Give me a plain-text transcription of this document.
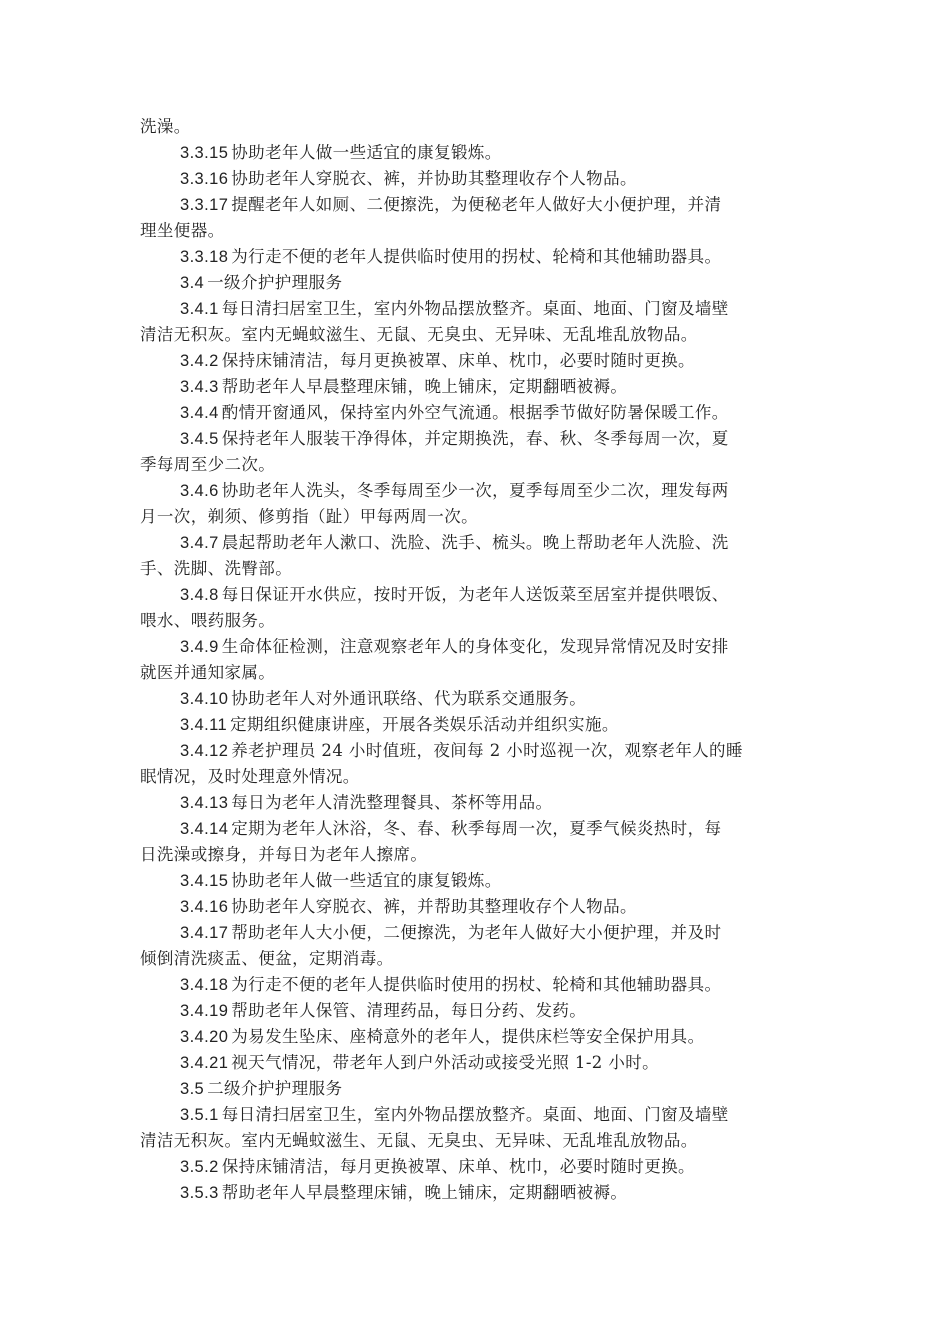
洗澡。
3.3.15 协助老年人做一些适宜的康复锻炼。
3.3.16 协助老年人穿脱衣、裤，并协助其整理收存个人物品。
3.3.17 提醒老年人如厕、二便擦洗，为便秘老年人做好大小便护理，并清
理坐便器。
3.3.18 为行走不便的老年人提供临时使用的拐杖、轮椅和其他辅助器具。
3.4 一级介护护理服务
3.4.1 每日清扫居室卫生，室内外物品摆放整齐。桌面、地面、门窗及墙壁
清洁无积灰。室内无蝇蚊滋生、无鼠、无臭虫、无异味、无乱堆乱放物品。
3.4.2 保持床铺清洁，每月更换被罩、床单、枕巾，必要时随时更换。
3.4.3 帮助老年人早晨整理床铺，晚上铺床，定期翻晒被褥。
3.4.4 酌情开窗通风，保持室内外空气流通。根据季节做好防暑保暖工作。
3.4.5 保持老年人服装干净得体，并定期换洗，春、秋、冬季每周一次，夏
季每周至少二次。
3.4.6 协助老年人洗头，冬季每周至少一次，夏季每周至少二次，理发每两
月一次，剃须、修剪指（趾）甲每两周一次。
3.4.7 晨起帮助老年人漱口、洗脸、洗手、梳头。晚上帮助老年人洗脸、洗
手、洗脚、洗臀部。
3.4.8 每日保证开水供应，按时开饭，为老年人送饭菜至居室并提供喂饭、
喂水、喂药服务。
3.4.9 生命体征检测，注意观察老年人的身体变化，发现异常情况及时安排
就医并通知家属。
3.4.10 协助老年人对外通讯联络、代为联系交通服务。
3.4.11 定期组织健康讲座，开展各类娱乐活动并组织实施。
3.4.12 养老护理员 24 小时值班，夜间每 2 小时巡视一次，观察老年人的睡
眠情况，及时处理意外情况。
3.4.13 每日为老年人清洗整理餐具、茶杯等用品。
3.4.14 定期为老年人沐浴，冬、春、秋季每周一次，夏季气候炎热时，每
日洗澡或擦身，并每日为老年人擦席。
3.4.15 协助老年人做一些适宜的康复锻炼。
3.4.16 协助老年人穿脱衣、裤，并帮助其整理收存个人物品。
3.4.17 帮助老年人大小便，二便擦洗，为老年人做好大小便护理，并及时
倾倒清洗痰盂、便盆，定期消毒。
3.4.18 为行走不便的老年人提供临时使用的拐杖、轮椅和其他辅助器具。
3.4.19 帮助老年人保管、清理药品，每日分药、发药。
3.4.20 为易发生坠床、座椅意外的老年人，提供床栏等安全保护用具。
3.4.21 视天气情况，带老年人到户外活动或接受光照 1-2 小时。
3.5 二级介护护理服务
3.5.1 每日清扫居室卫生，室内外物品摆放整齐。桌面、地面、门窗及墙壁
清洁无积灰。室内无蝇蚊滋生、无鼠、无臭虫、无异味、无乱堆乱放物品。
3.5.2 保持床铺清洁，每月更换被罩、床单、枕巾，必要时随时更换。
3.5.3 帮助老年人早晨整理床铺，晚上铺床，定期翻晒被褥。
